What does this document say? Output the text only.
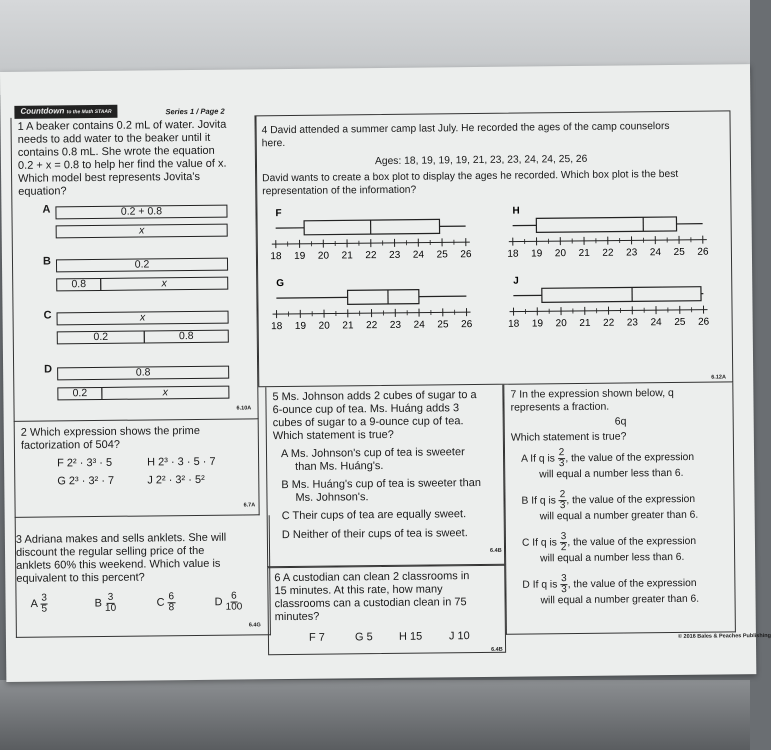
Countdown to the Math STAAR	Series 1 / Page 2
1 A beaker contains 0.2 mL of water. Jovita
needs to add water to the beaker until it
contains 0.8 mL. She wrote the equation
0.2 + x = 0.8 to help her find the value of x.
Which model best represents Jovita's
equation?
A	0.2 + 0.8
x
B	0.2
0.8	x
C	x
0.2	0.8
D	0.8
0.2	x
6.10A
2 Which expression shows the prime
factorization of 504?
F 2² · 3³ · 5	H 2³ · 3 · 5 · 7
G 2³ · 3² · 7	J 2² · 3² · 5²
6.7A
3 Adriana makes and sells anklets. She will
discount the regular selling price of the
anklets 60% this weekend. Which value is
equivalent to this percent?
A $\frac{3}{5}$	B $\frac{3}{10}$	C $\frac{6}{8}$	D $\frac{6}{100}$
6.4G
4 David attended a summer camp last July. He recorded the ages of the camp counselors
here.
Ages: 18, 19, 19, 19, 21, 23, 23, 24, 24, 25, 26
David wants to create a box plot to display the ages he recorded. Which box plot is the best
representation of the information?
F
18 19 20 21 22 23 24 25 26
H
18 19 20 21 22 23 24 25 26
G
18 19 20 21 22 23 24 25 26
J
18 19 20 21 22 23 24 25 26
6.12A
5 Ms. Johnson adds 2 cubes of sugar to a
6-ounce cup of tea. Ms. Huáng adds 3
cubes of sugar to a 9-ounce cup of tea.
Which statement is true?
A Ms. Johnson's cup of tea is sweeter
than Ms. Huáng's.
B Ms. Huáng's cup of tea is sweeter than
Ms. Johnson's.
C Their cups of tea are equally sweet.
D Neither of their cups of tea is sweet.
6.4B
6 A custodian can clean 2 classrooms in
15 minutes. At this rate, how many
classrooms can a custodian clean in 75
minutes?
F 7	G 5 H 15 J 10
6.4B
7 In the expression shown below, q
represents a fraction.
6q
Which statement is true?
A If q is $\frac{2}{3}$ , the value of the expression
will equal a number less than 6.
B If q is $\frac{2}{3}$ , the value of the expression
will equal a number greater than 6.
C If q is $\frac{3}{2}$ , the value of the expression
will equal a number less than 6.
D If q is $\frac{3}{3}$ , the value of the expression
will equal a number greater than 6.
© 2016 Bales & Peaches Publishing
